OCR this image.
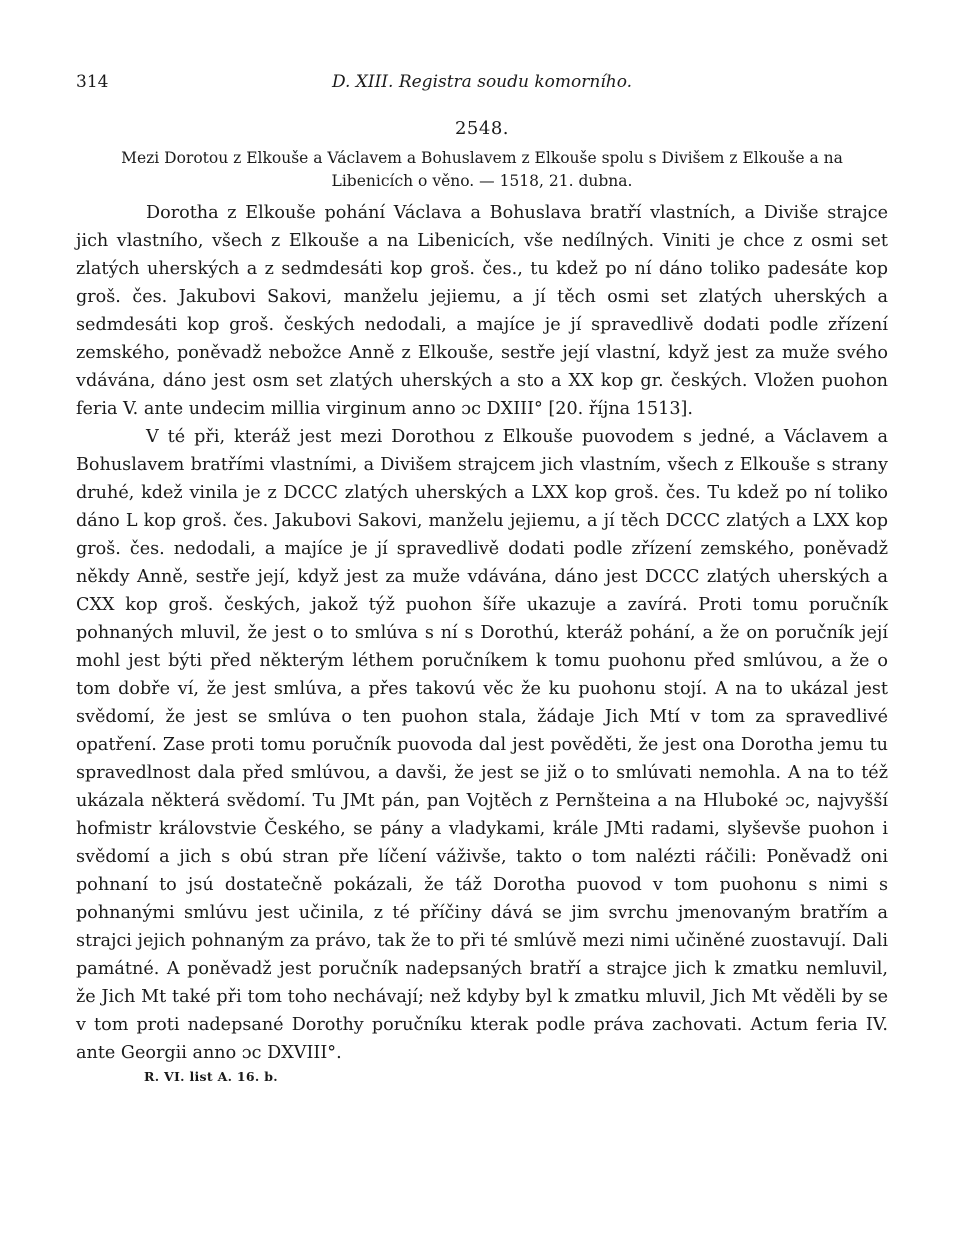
314	D. XIII. Registra soudu komorního.
2548.
Mezi Dorotou z Elkouše a Václavem a Bohuslavem z Elkouše spolu s Divišem z Elkouše a na Libenicích o věno. — 1518, 21. dubna.

Dorotha z Elkouše pohání Václava a Bohuslava bratří vlastních, a Diviše strajce jich vlastního, všech z Elkouše a na Libenicích, vše nedílných. Viniti je chce z osmi set zlatých uherských a z sedmdesáti kop groš. čes., tu kdež po ní dáno toliko padesáte kop groš. čes. Jakubovi Sakovi, manželu jejiemu, a jí těch osmi set zlatých uherských a sedmdesáti kop groš. českých nedodali, a majíce je jí spravedlivě dodati podle zřízení zemského, poněvadž nebožce Anně z Elkouše, sestře její vlastní, když jest za muže svého vdávána, dáno jest osm set zlatých uherských a sto a XX kop gr. českých. Vložen puohon feria V. ante undecim millia virginum anno ɔc DXIII° [20. října 1513].

V té při, kteráž jest mezi Dorothou z Elkouše puovodem s jedné, a Václavem a Bohuslavem bratřími vlastními, a Divišem strajcem jich vlastním, všech z Elkouše s strany druhé, kdež vinila je z DCCC zlatých uherských a LXX kop groš. čes. Tu kdež po ní toliko dáno L kop groš. čes. Jakubovi Sakovi, manželu jejiemu, a jí těch DCCC zlatých a LXX kop groš. čes. nedodali, a majíce je jí spravedlivě dodati podle zřízení zemského, poněvadž někdy Anně, sestře její, když jest za muže vdávána, dáno jest DCCC zlatých uherských a CXX kop groš. českých, jakož týž puohon šíře ukazuje a zavírá. Proti tomu poručník pohnaných mluvil, že jest o to smlúva s ní s Dorothú, kteráž pohání, a že on poručník její mohl jest býti před některým léthem poručníkem k tomu puohonu před smlúvou, a že o tom dobře ví, že jest smlúva, a přes takovú věc že ku puohonu stojí. A na to ukázal jest svědomí, že jest se smlúva o ten puohon stala, žádaje Jich Mtí v tom za spravedlivé opatření. Zase proti tomu poručník puovoda dal jest pověděti, že jest ona Dorotha jemu tu spravedlnost dala před smlúvou, a davši, že jest se již o to smlúvati nemohla. A na to též ukázala některá svědomí. Tu JMt pán, pan Vojtěch z Pernšteina a na Hluboké ɔc, najvyšší hofmistr královstvie Českého, se pány a vladykami, krále JMti radami, slyševše puohon i svědomí a jich s obú stran pře líčení váživše, takto o tom nalézti ráčili: Poněvadž oni pohnaní to jsú dostatečně pokázali, že táž Dorotha puovod v tom puohonu s nimi s pohnanými smlúvu jest učinila, z té příčiny dává se jim svrchu jmenovaným bratřím a strajci jejich pohnaným za právo, tak že to při té smlúvě mezi nimi učiněné zuostavují. Dali památné. A poněvadž jest poručník nadepsaných bratří a strajce jich k zmatku nemluvil, že Jich Mt také při tom toho nechávají; než kdyby byl k zmatku mluvil, Jich Mt věděli by se v tom proti nadepsané Dorothy poručníku kterak podle práva zachovati. Actum feria IV. ante Georgii anno ɔc DXVIII°.

R. VI. list A. 16. b.
